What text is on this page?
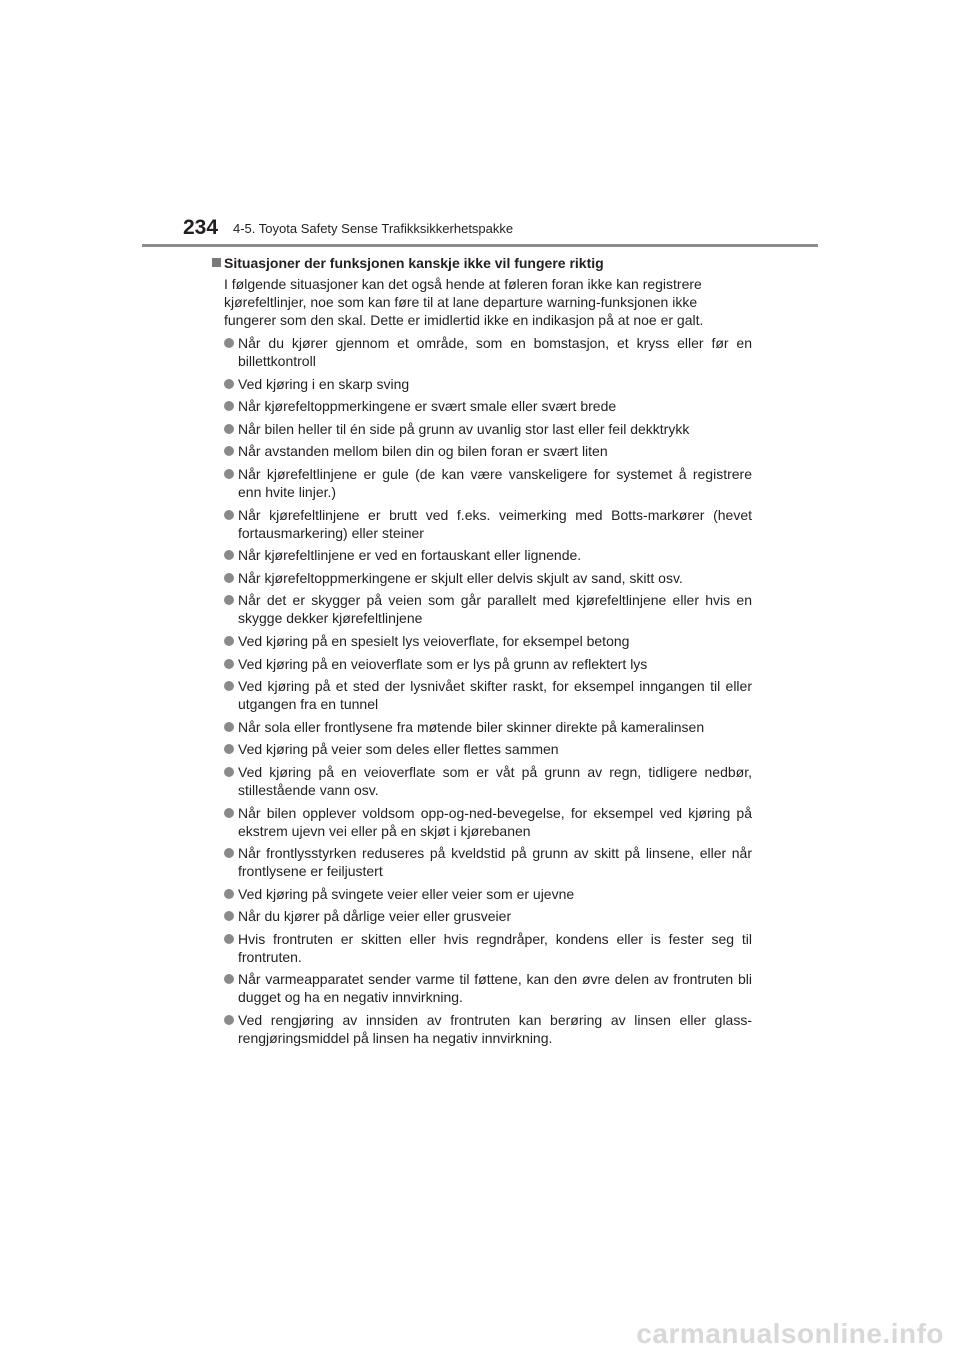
234 4-5. Toyota Safety Sense Trafikksikkerhetspakke
Situasjoner der funksjonen kanskje ikke vil fungere riktig
I følgende situasjoner kan det også hende at føleren foran ikke kan registrere kjørefeltlinjer, noe som kan føre til at lane departure warning-funksjonen ikke fungerer som den skal. Dette er imidlertid ikke en indikasjon på at noe er galt.
Når du kjører gjennom et område, som en bomstasjon, et kryss eller før en billettkontroll
Ved kjøring i en skarp sving
Når kjørefeltoppmerkingene er svært smale eller svært brede
Når bilen heller til én side på grunn av uvanlig stor last eller feil dekktrykk
Når avstanden mellom bilen din og bilen foran er svært liten
Når kjørefeltlinjene er gule (de kan være vanskeligere for systemet å registrere enn hvite linjer.)
Når kjørefeltlinjene er brutt ved f.eks. veimerking med Botts-markører (hevet fortausmarkering) eller steiner
Når kjørefeltlinjene er ved en fortauskant eller lignende.
Når kjørefeltoppmerkingene er skjult eller delvis skjult av sand, skitt osv.
Når det er skygger på veien som går parallelt med kjørefeltlinjene eller hvis en skygge dekker kjørefeltlinjene
Ved kjøring på en spesielt lys veioverflate, for eksempel betong
Ved kjøring på en veioverflate som er lys på grunn av reflektert lys
Ved kjøring på et sted der lysnivået skifter raskt, for eksempel inngangen til eller utgangen fra en tunnel
Når sola eller frontlysene fra møtende biler skinner direkte på kameralinsen
Ved kjøring på veier som deles eller flettes sammen
Ved kjøring på en veioverflate som er våt på grunn av regn, tidligere nedbør, stillestående vann osv.
Når bilen opplever voldsom opp-og-ned-bevegelse, for eksempel ved kjøring på ekstrem ujevn vei eller på en skjøt i kjørebanen
Når frontlysstyrken reduseres på kveldstid på grunn av skitt på linsene, eller når frontlysene er feiljustert
Ved kjøring på svingete veier eller veier som er ujevne
Når du kjører på dårlige veier eller grusveier
Hvis frontruten er skitten eller hvis regndråper, kondens eller is fester seg til frontruten.
Når varmeapparatet sender varme til føttene, kan den øvre delen av frontruten bli dugget og ha en negativ innvirkning.
Ved rengjøring av innsiden av frontruten kan berøring av linsen eller glass-rengjøringsmiddel på linsen ha negativ innvirkning.
carmanualsonline.info
